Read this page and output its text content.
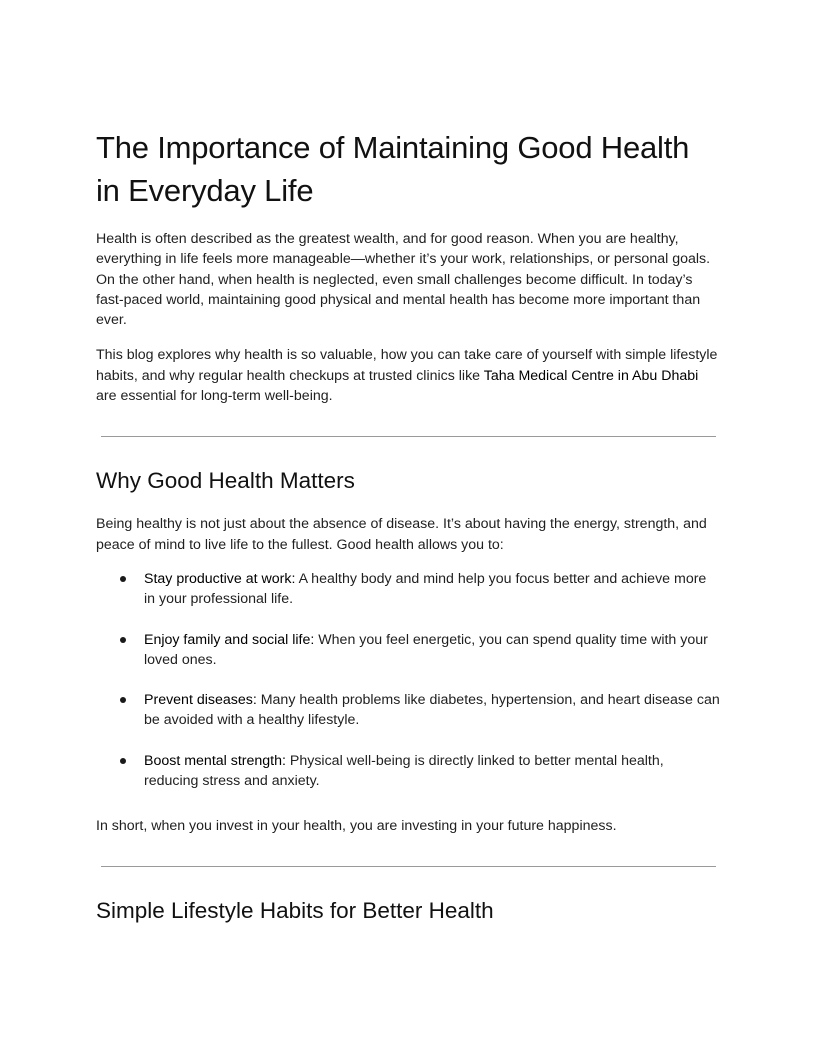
The Importance of Maintaining Good Health in Everyday Life

Health is often described as the greatest wealth, and for good reason. When you are healthy, everything in life feels more manageable—whether it’s your work, relationships, or personal goals. On the other hand, when health is neglected, even small challenges become difficult. In today’s fast-paced world, maintaining good physical and mental health has become more important than ever.

This blog explores why health is so valuable, how you can take care of yourself with simple lifestyle habits, and why regular health checkups at trusted clinics like Taha Medical Centre in Abu Dhabi are essential for long-term well-being.

Why Good Health Matters

Being healthy is not just about the absence of disease. It’s about having the energy, strength, and peace of mind to live life to the fullest. Good health allows you to:

Stay productive at work: A healthy body and mind help you focus better and achieve more in your professional life.
Enjoy family and social life: When you feel energetic, you can spend quality time with your loved ones.
Prevent diseases: Many health problems like diabetes, hypertension, and heart disease can be avoided with a healthy lifestyle.
Boost mental strength: Physical well-being is directly linked to better mental health, reducing stress and anxiety.

In short, when you invest in your health, you are investing in your future happiness.

Simple Lifestyle Habits for Better Health
